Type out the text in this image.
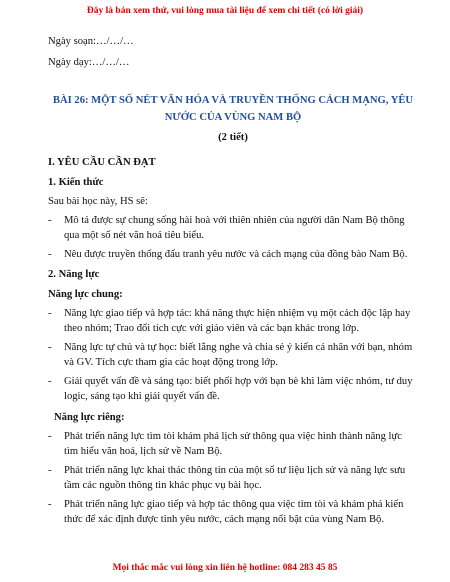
Đây là bản xem thử, vui lòng mua tài liệu để xem chi tiết (có lời giải)

Ngày soạn:…/…/…

Ngày dạy:…/…/…

BÀI 26: MỘT SỐ NÉT VĂN HÓA VÀ TRUYỀN THỐNG CÁCH MẠNG, YÊU
NƯỚC CỦA VÙNG NAM BỘ
(2 tiết)
I. YÊU CẦU CẦN ĐẠT
1. Kiến thức
Sau bài học này, HS sẽ:
- Mô tả được sự chung sống hài hoà với thiên nhiên của người dân Nam Bộ thông qua một số nét văn hoá tiêu biểu.
- Nêu được truyền thống đấu tranh yêu nước và cách mạng của đồng bào Nam Bộ.
2. Năng lực
Năng lực chung:
- Năng lực giao tiếp và hợp tác: khả năng thực hiện nhiệm vụ một cách độc lập hay theo nhóm; Trao đổi tích cực với giáo viên và các bạn khác trong lớp.
- Năng lực tự chủ và tự học: biết lắng nghe và chia sẻ ý kiến cá nhân với bạn, nhóm và GV. Tích cực tham gia các hoạt động trong lớp.
- Giải quyết vấn đề và sáng tạo: biết phối hợp với bạn bè khi làm việc nhóm, tư duy logic, sáng tạo khi giải quyết vấn đề.
Năng lực riêng:
- Phát triển năng lực tìm tòi khám phá lịch sử thông qua việc hình thành năng lực tìm hiểu văn hoá, lịch sử về Nam Bộ.
- Phát triển năng lực khai thác thông tin của một số tư liệu lịch sử và năng lực sưu tầm các nguồn thông tin khác phục vụ bài học.
- Phát triển năng lực giao tiếp và hợp tác thông qua việc tìm tòi và khám phá kiến thức để xác định được tinh yêu nước, cách mạng nổi bật của vùng Nam Bộ.
Mọi thắc mắc vui lòng xin liên hệ hotline: 084 283 45 85
